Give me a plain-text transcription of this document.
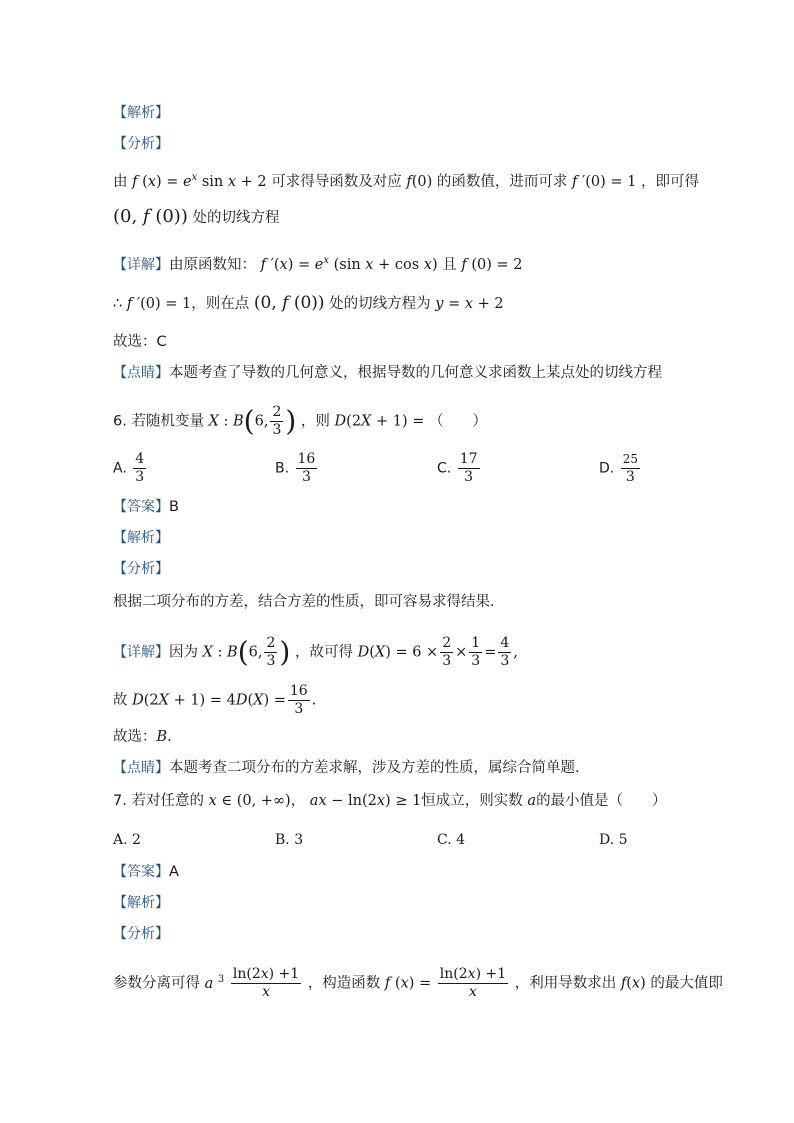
【解析】
【分析】
由 f $(x) = e^x$ sin x + 2 可求得导函数及对应 f(0) 的函数值，进而可求 f ′(0) = 1 ，即可得
(0, f (0)) 处的切线方程
【详解】由原函数知： f $'(x) = e^x$ (sin x + cos x) 且 f (0) = 2
∴ f ′(0) = 1，则在点 (0, f (0)) 处的切线方程为 y = x + 2
故选：C
【点睛】本题考查了导数的几何意义，根据导数的几何意义求函数上某点处的切线方程
6. 若随机变量 X : B(6, $\frac{2}{3}$ ) ，则 D(2X + 1) = （　　）
A. $\frac{4}{3}$	B. $\frac{16}{3}$	C. $\frac{17}{3}$	D. $\frac{25}{3}$
【答案】B
【解析】
【分析】
根据二项分布的方差，结合方差的性质，即可容易求得结果.
【详解】因为 X : B(6, $\frac{2}{3}$ ) ，故可得 $D(X) = 6 \times \frac{2}{3} \times \frac{1}{3} = \frac{4}{3}$ ,
故 $D(2X + 1) = 4D(X) = \frac{16}{3}$ .
故选：B.
【点睛】本题考查二项分布的方差求解，涉及方差的性质，属综合简单题.
7. 若对任意的 x ∈ (0, +∞)， ax − ln(2x) ≥ 1恒成立，则实数 a的最小值是（　　）
A. 2	B. 3	C. 4	D. 5
【答案】A
【解析】
【分析】
参数分离可得 a $^3 \frac{\ln(2x) +1}{x}$ ，构造函数 f $(x) = \frac{\ln(2x) +1}{x}$ ，利用导数求出 f(x) 的最大值即
